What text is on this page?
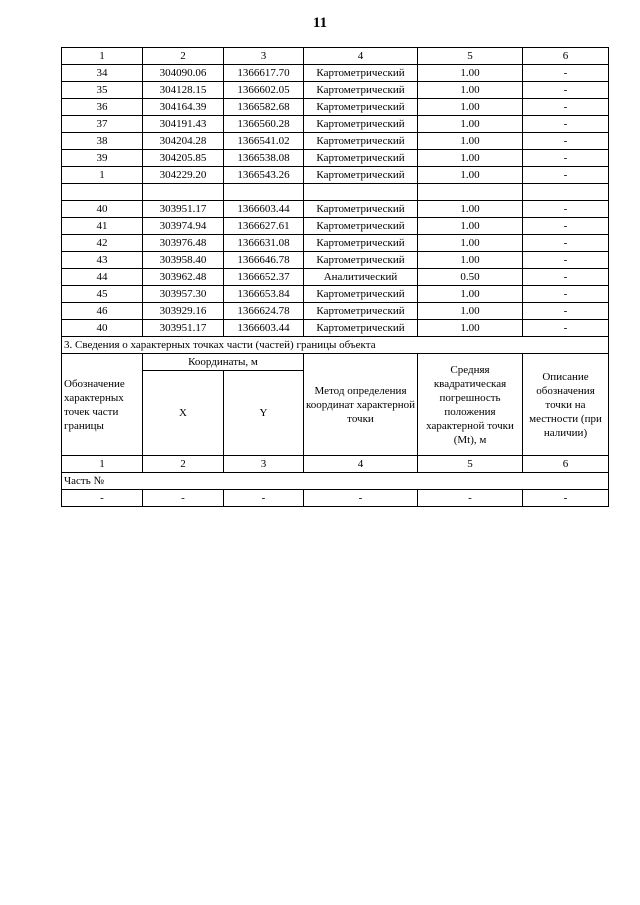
11
1	2	3	4	5	6
34	304090.06	1366617.70	Картометрический	1.00	-
35	304128.15	1366602.05	Картометрический	1.00	-
36	304164.39	1366582.68	Картометрический	1.00	-
37	304191.43	1366560.28	Картометрический	1.00	-
38	304204.28	1366541.02	Картометрический	1.00	-
39	304205.85	1366538.08	Картометрический	1.00	-
1	304229.20	1366543.26	Картометрический	1.00	-

40	303951.17	1366603.44	Картометрический	1.00	-
41	303974.94	1366627.61	Картометрический	1.00	-
42	303976.48	1366631.08	Картометрический	1.00	-
43	303958.40	1366646.78	Картометрический	1.00	-
44	303962.48	1366652.37	Аналитический	0.50	-
45	303957.30	1366653.84	Картометрический	1.00	-
46	303929.16	1366624.78	Картометрический	1.00	-
40	303951.17	1366603.44	Картометрический	1.00	-
3. Сведения о характерных точках части (частей) границы объекта					
Обозначение характерных точек части границы	Координаты, м		Метод определения координат характерной точки	Средняя квадратическая погрешность положения характерной точки (Mt), м	Описание обозначения точки на местности (при наличии)
	X	Y			
1	2	3	4	5	6
Часть №					
-	-	-	-	-	-
